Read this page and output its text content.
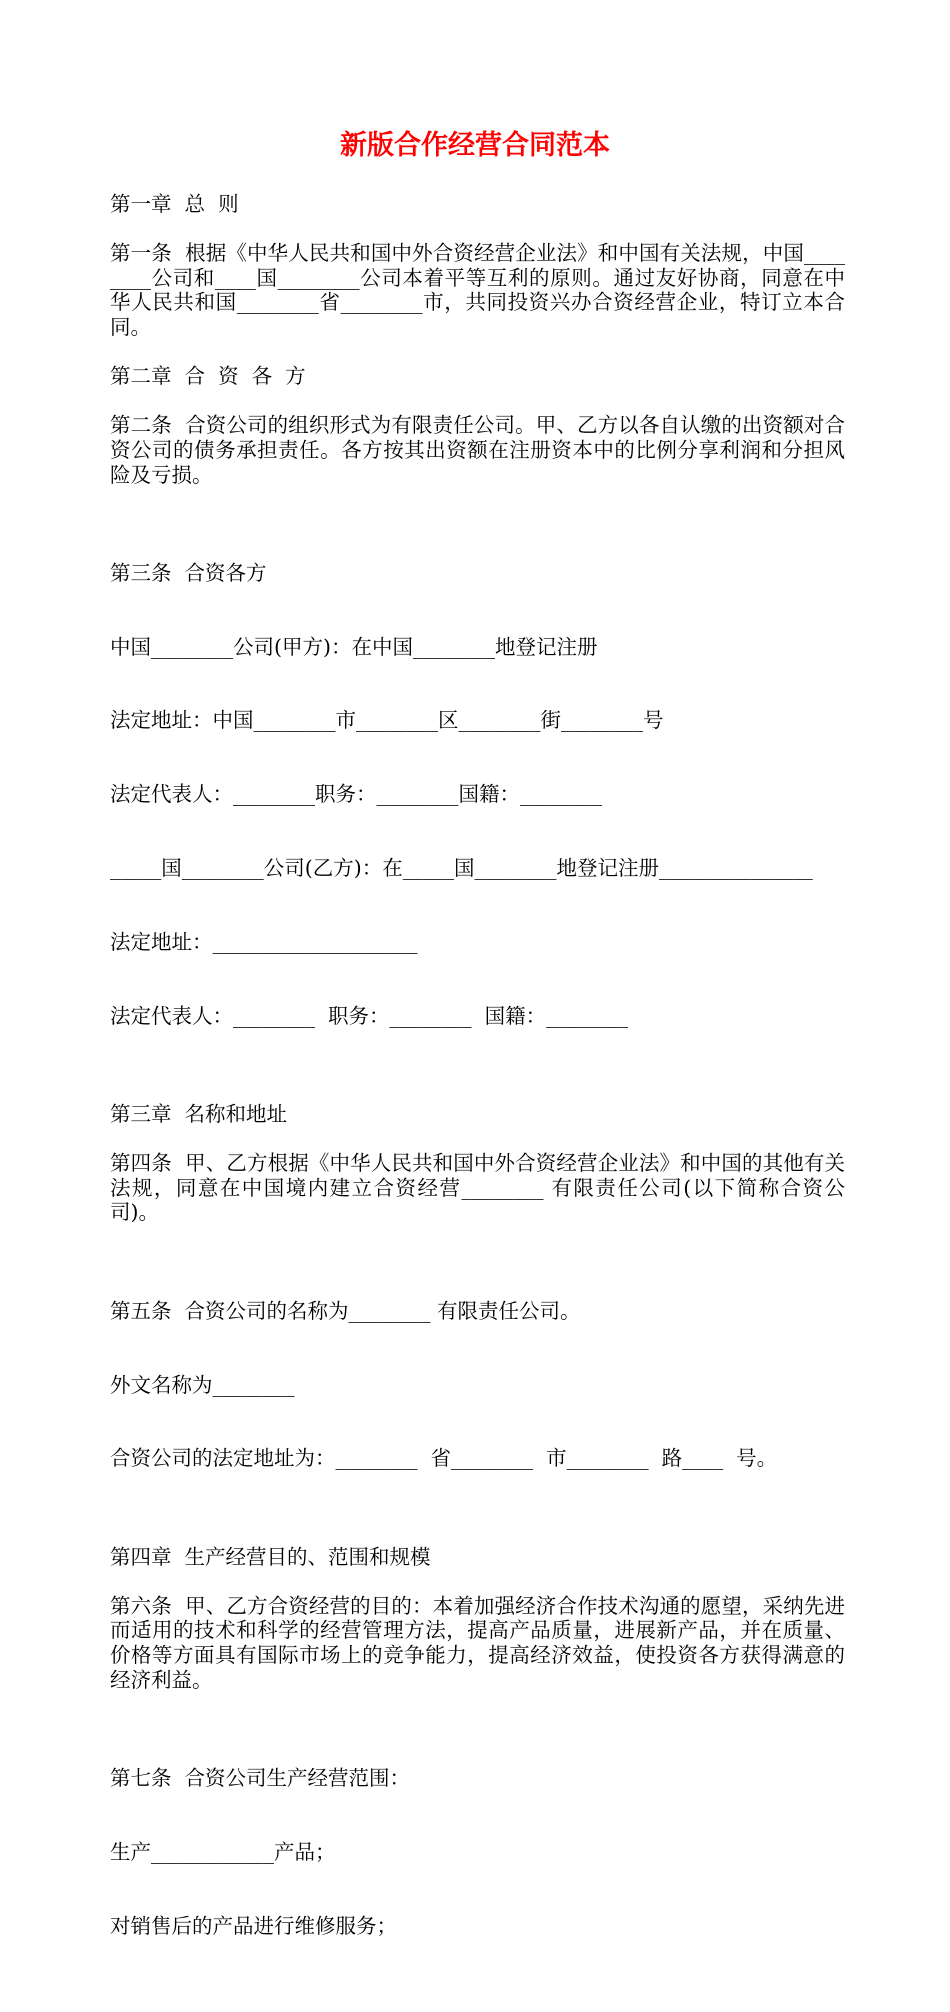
新版合作经营合同范本

第一章  总  则

第一条  根据《中华人民共和国中外合资经营企业法》和中国有关法规，中国________公司和____国________公司本着平等互利的原则。通过友好协商，同意在中华人民共和国________省________市，共同投资兴办合资经营企业，特订立本合同。

第二章  合  资  各  方

第二条  合资公司的组织形式为有限责任公司。甲、乙方以各自认缴的出资额对合资公司的债务承担责任。各方按其出资额在注册资本中的比例分享利润和分担风险及亏损。

第三条  合资各方

中国________公司(甲方)：在中国________地登记注册

法定地址：中国________市________区________街________号

法定代表人：________职务：________国籍：________

_____国________公司(乙方)：在_____国________地登记注册_______________

法定地址：____________________

法定代表人：________  职务：________  国籍：________

第三章  名称和地址

第四条  甲、乙方根据《中华人民共和国中外合资经营企业法》和中国的其他有关法规，同意在中国境内建立合资经营________ 有限责任公司(以下简称合资公司)。

第五条  合资公司的名称为________ 有限责任公司。

外文名称为________

合资公司的法定地址为：________  省________  市________  路____  号。

第四章  生产经营目的、范围和规模

第六条  甲、乙方合资经营的目的：本着加强经济合作技术沟通的愿望，采纳先进而适用的技术和科学的经营管理方法，提高产品质量，进展新产品，并在质量、价格等方面具有国际市场上的竞争能力，提高经济效益，使投资各方获得满意的经济利益。

第七条  合资公司生产经营范围：

生产____________产品；

对销售后的产品进行维修服务；
